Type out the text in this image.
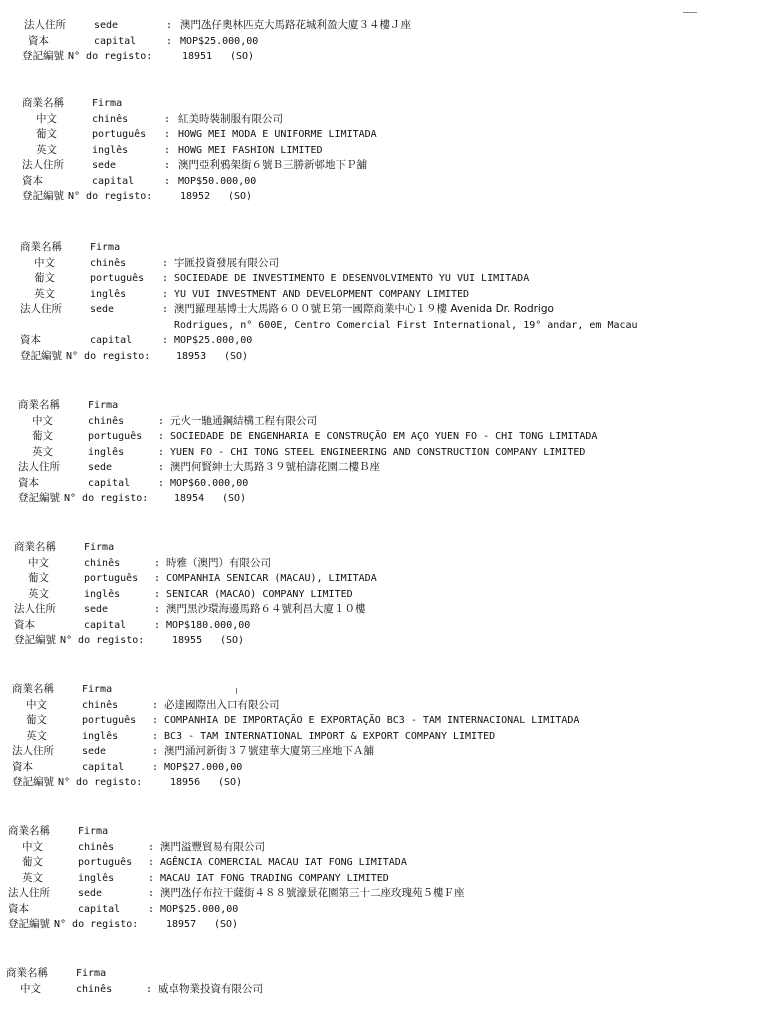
法人住所	sede	: 澳門氹仔奧林匹克大馬路花城利盈大廈３４樓Ｊ座
資本	capital	: MOP$25.000,00
登記編號 N° do registo:	18951 (SO)
商業名稱	Firma
中文	chinês	: 紅美時裝制服有限公司
葡文	português : HOWG MEI MODA E UNIFORME LIMITADA
英文	inglês	: HOWG MEI FASHION LIMITED
法人住所	sede	: 澳門亞利鴉架街６號Ｂ三勝新邨地下Ｐ舖
資本	capital	: MOP$50.000,00
登記編號 N° do registo:	18952 (SO)
商業名稱	Firma
中文	chinês	: 宇匯投資發展有限公司
葡文	português : SOCIEDADE DE INVESTIMENTO E DESENVOLVIMENTO YU VUI LIMITADA
英文	inglês	: YU VUI INVESTMENT AND DEVELOPMENT COMPANY LIMITED
法人住所	sede	: 澳門羅理基博士大馬路６００號Ｅ第一國際商業中心１９樓 Avenida Dr. Rodrigo
Rodrigues, n° 600E, Centro Comercial First International, 19° andar, em Macau
資本	capital	: MOP$25.000,00
登記編號 N° do registo:	18953 (SO)
商業名稱	Firma
中文	chinês	: 元火一馳通鋼結構工程有限公司
葡文	português : SOCIEDADE DE ENGENHARIA E CONSTRUÇÃO EM AÇO YUEN FO - CHI TONG LIMITADA
英文	inglês	: YUEN FO - CHI TONG STEEL ENGINEERING AND CONSTRUCTION COMPANY LIMITED
法人住所	sede	: 澳門何賢紳士大馬路３９號柏濤花園二樓Ｂ座
資本	capital	: MOP$60.000,00
登記編號 N° do registo:	18954 (SO)
商業名稱	Firma
中文	chinês	: 時雅（澳門）有限公司
葡文	português : COMPANHIA SENICAR (MACAU), LIMITADA
英文	inglês	: SENICAR (MACAO) COMPANY LIMITED
法人住所	sede	: 澳門黑沙環海邊馬路６４號利昌大廈１０樓
資本	capital	: MOP$180.000,00
登記編號 N° do registo:	18955 (SO)
商業名稱	Firma
中文	chinês	: 必達國際出入口有限公司
葡文	português : COMPANHIA DE IMPORTAÇÃO E EXPORTAÇÃO BC3 - TAM INTERNACIONAL LIMITADA
英文	inglês	: BC3 - TAM INTERNATIONAL IMPORT & EXPORT COMPANY LIMITED
法人住所	sede	: 澳門涌河新街３７號建華大廈第三座地下Ａ舖
資本	capital	: MOP$27.000,00
登記編號 N° do registo:	18956 (SO)
商業名稱	Firma
中文	chinês	: 澳門溢豐貿易有限公司
葡文	português : AGÊNCIA COMERCIAL MACAU IAT FONG LIMITADA
英文	inglês	: MACAU IAT FONG TRADING COMPANY LIMITED
法人住所	sede	: 澳門氹仔布拉干薩街４８８號濠景花園第三十二座玫瑰苑５樓Ｆ座
資本	capital	: MOP$25.000,00
登記編號 N° do registo:	18957 (SO)
商業名稱	Firma
中文	chinês	: 威卓物業投資有限公司
